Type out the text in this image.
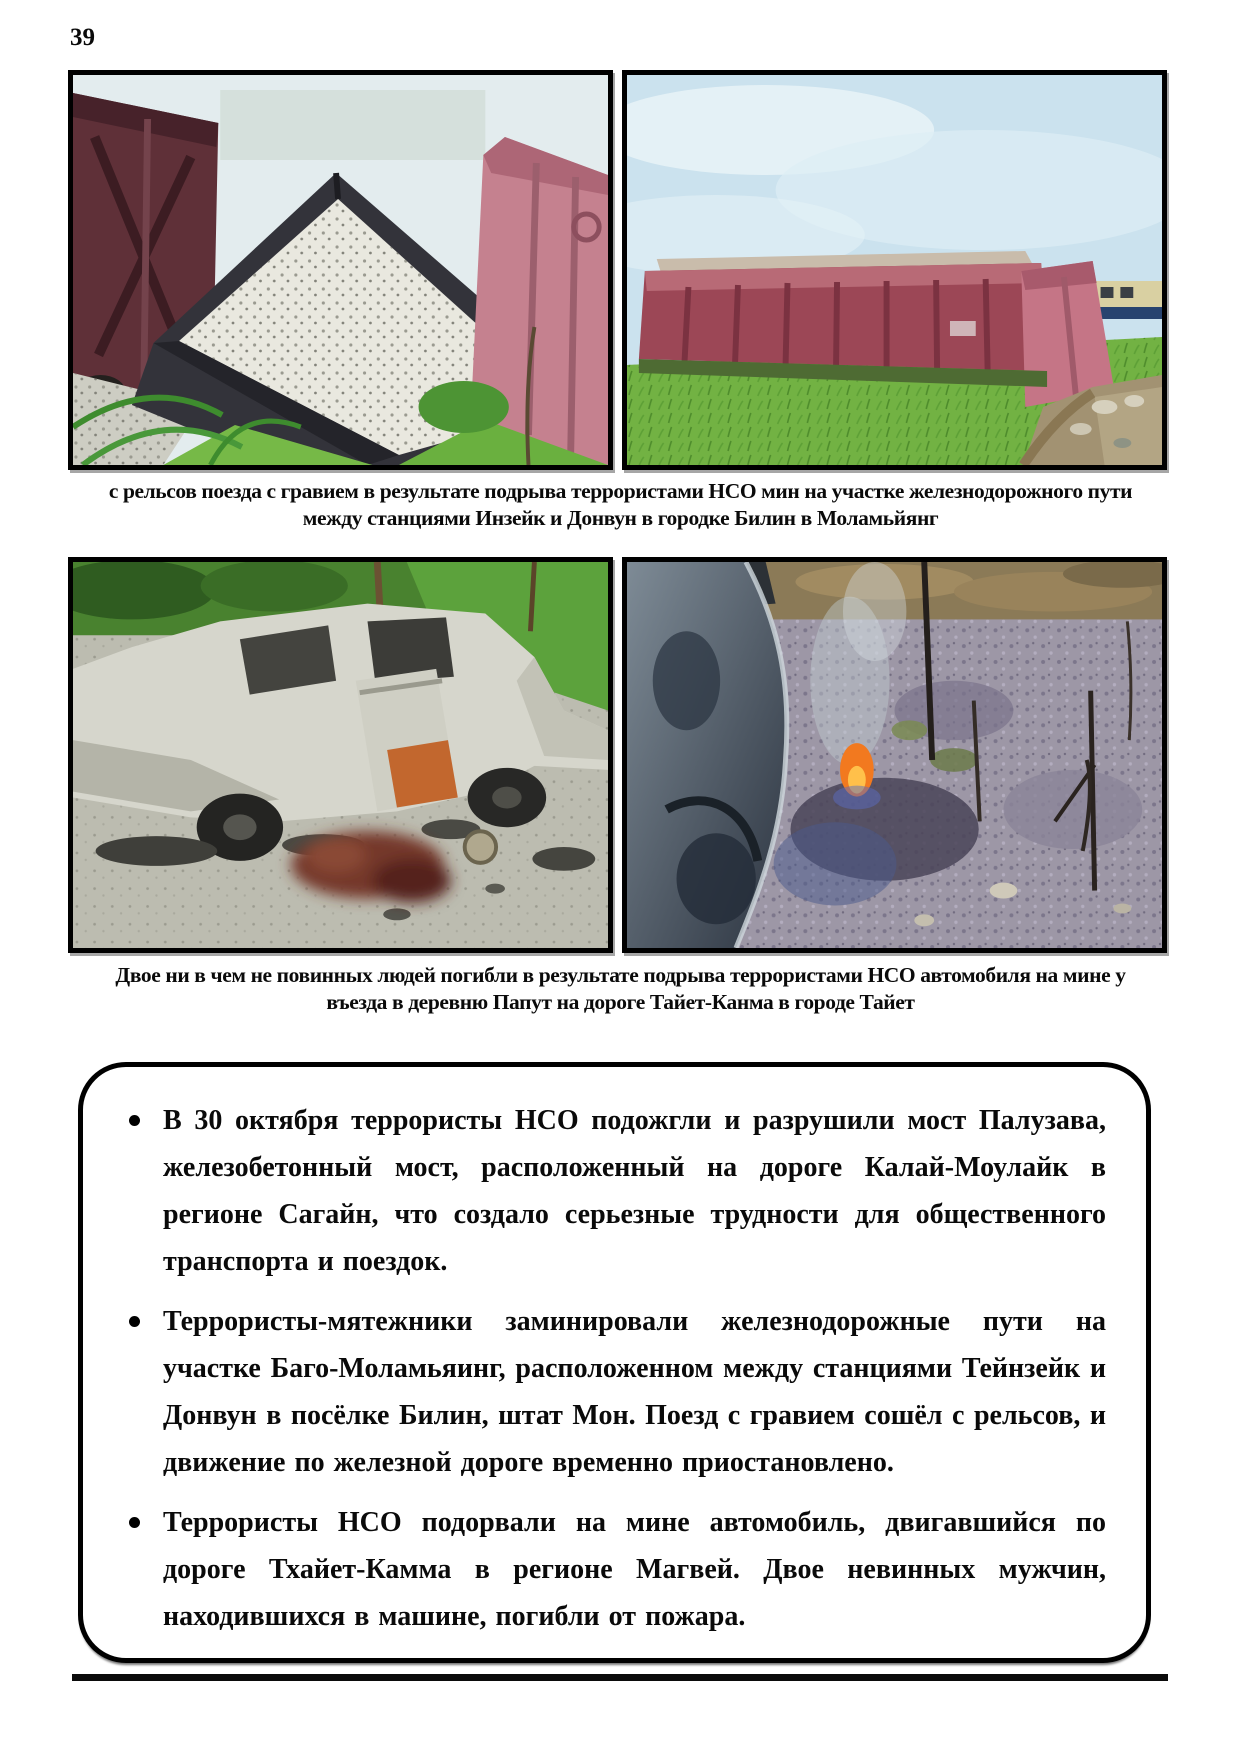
39
с рельсов поезда с гравием в результате подрыва террористами НСО мин на участке железнодорожного пути между станциями Инзейк и Донвун в городке Билин в Моламьйянг
Двое ни в чем не повинных людей погибли в результате подрыва террористами НСО автомобиля на мине у въезда в деревню Папут на дороге Тайет-Канма в городе Тайет
В 30 октября террористы НСО подожгли и разрушили мост Палузава, железобетонный мост, расположенный на дороге Калай-Моулайк в регионе Сагайн, что создало серьезные трудности для общественного транспорта и поездок.
Террористы-мятежники заминировали железнодорожные пути на участке Баго-Моламьяинг, расположенном между станциями Тейнзейк и Донвун в посёлке Билин, штат Мон. Поезд с гравием сошёл с рельсов, и движение по железной дороге временно приостановлено.
Террористы НСО подорвали на мине автомобиль, двигавшийся по дороге Тхайет-Камма в регионе Магвей. Двое невинных мужчин, находившихся в машине, погибли от пожара.
